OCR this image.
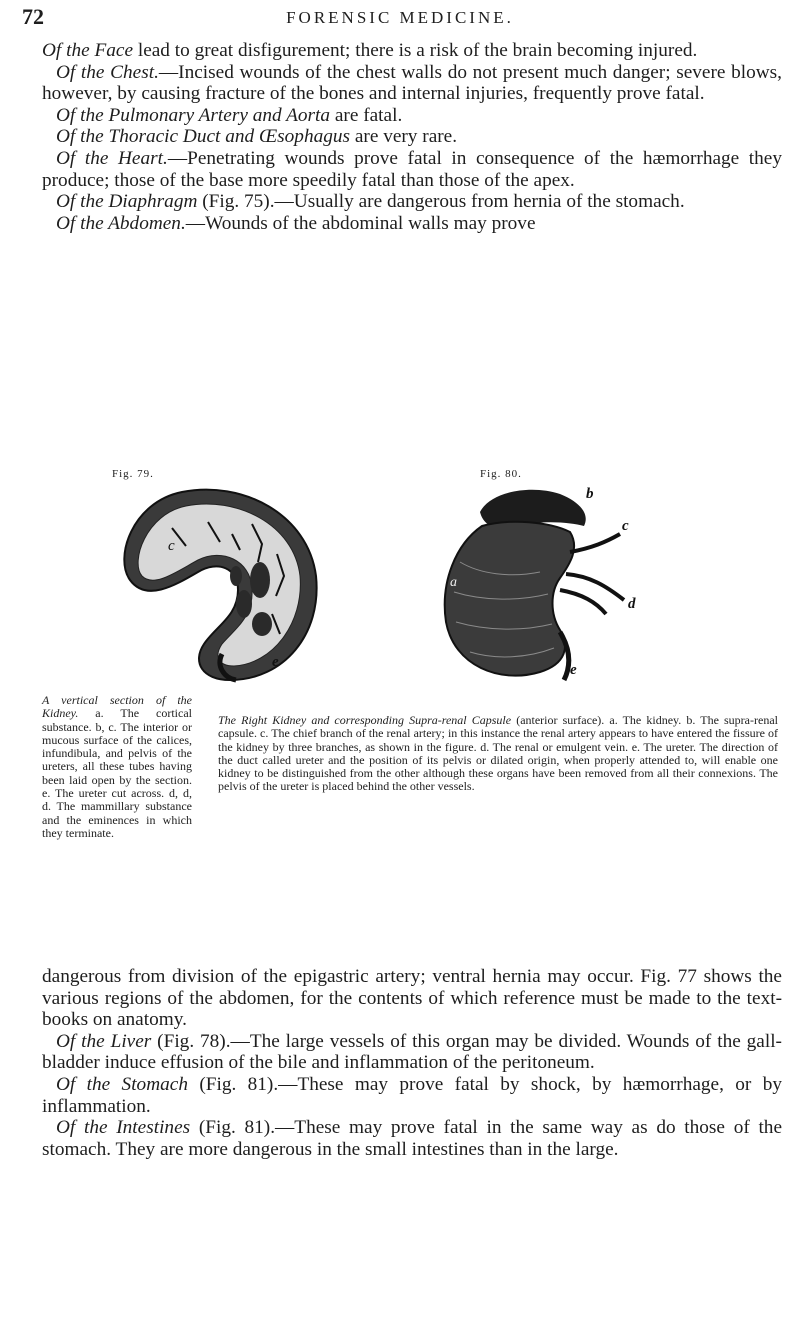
72	FORENSIC MEDICINE.

Of the Face lead to great disfigurement; there is a risk of the brain becoming injured.

Of the Chest.—Incised wounds of the chest walls do not present much danger; severe blows, however, by causing fracture of the bones and internal injuries, frequently prove fatal.

Of the Pulmonary Artery and Aorta are fatal.

Of the Thoracic Duct and Œsophagus are very rare.

Of the Heart.—Penetrating wounds prove fatal in consequence of the hæmorrhage they produce; those of the base more speedily fatal than those of the apex.

Of the Diaphragm (Fig. 75).—Usually are dangerous from hernia of the stomach.

Of the Abdomen.—Wounds of the abdominal walls may prove

Fig. 79.	Fig. 80.
c
e
b
a
c
d
e
A vertical section of the Kidney. a. The cortical substance. b, c. The interior or mucous surface of the calices, infundibula, and pelvis of the ureters, all these tubes having been laid open by the section. e. The ureter cut across. d, d, d. The mammillary substance and the eminences in which they terminate.
The Right Kidney and corresponding Supra-renal Capsule (anterior surface). a. The kidney. b. The supra-renal capsule. c. The chief branch of the renal artery; in this instance the renal artery appears to have entered the fissure of the kidney by three branches, as shown in the figure. d. The renal or emulgent vein. e. The ureter. The direction of the duct called ureter and the position of its pelvis or dilated origin, when properly attended to, will enable one kidney to be distinguished from the other although these organs have been removed from all their connexions. The pelvis of the ureter is placed behind the other vessels.

dangerous from division of the epigastric artery; ventral hernia may occur. Fig. 77 shows the various regions of the abdomen, for the contents of which reference must be made to the text-books on anatomy.

Of the Liver (Fig. 78).—The large vessels of this organ may be divided. Wounds of the gall-bladder induce effusion of the bile and inflammation of the peritoneum.

Of the Stomach (Fig. 81).—These may prove fatal by shock, by hæmorrhage, or by inflammation.

Of the Intestines (Fig. 81).—These may prove fatal in the same way as do those of the stomach. They are more dangerous in the small intestines than in the large.
